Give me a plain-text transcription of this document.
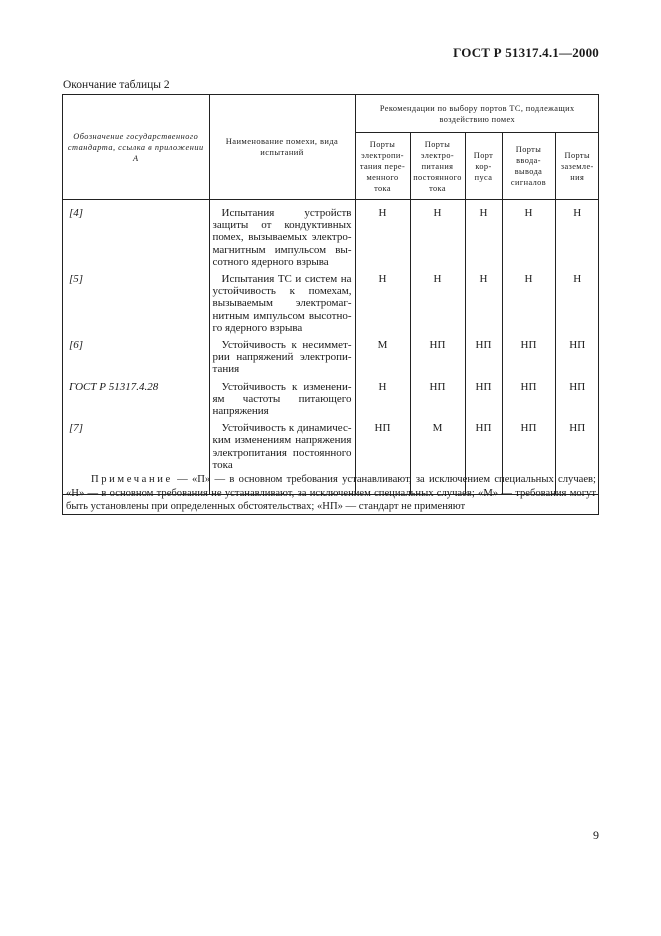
ГОСТ Р 51317.4.1—2000
Окончание таблицы 2
Обозначение государственного стандарта, ссылка в приложении А	Наименование помехи, вида испытаний	Рекомендации по выбору портов ТС, подлежащих воздействию помех				
		Порты электропи-тания пере-менного тока	Порты электро-питания постоянного тока	Порт кор-пуса	Порты ввода-вывода сигналов	Порты заземле-ния
[4]	Испытания устройств защиты от кондуктивных помех, вызываемых электро-магнитным импульсом вы-сотного ядерного взрыва	Н	Н	Н	Н	Н
[5]	Испытания ТС и систем на устойчивость к помехам, вызываемым электромаг-нитным импульсом высотно-го ядерного взрыва	Н	Н	Н	Н	Н
[6]	Устойчивость к несиммет-рии напряжений электропи-тания	М	НП	НП	НП	НП
ГОСТ Р 51317.4.28	Устойчивость к изменени-ям частоты питающего напряжения	Н	НП	НП	НП	НП
[7]	Устойчивость к динамичес-ким изменениям напряжения электропитания постоянного тока	НП	М	НП	НП	НП

Примечание — «П» — в основном требования устанавливают, за исключением специальных случаев; «Н» — в основном требования не устанавливают, за исключением специальных случаев; «М» — требования могут быть установлены при определенных обстоятельствах; «НП» — стандарт не применяют
9
